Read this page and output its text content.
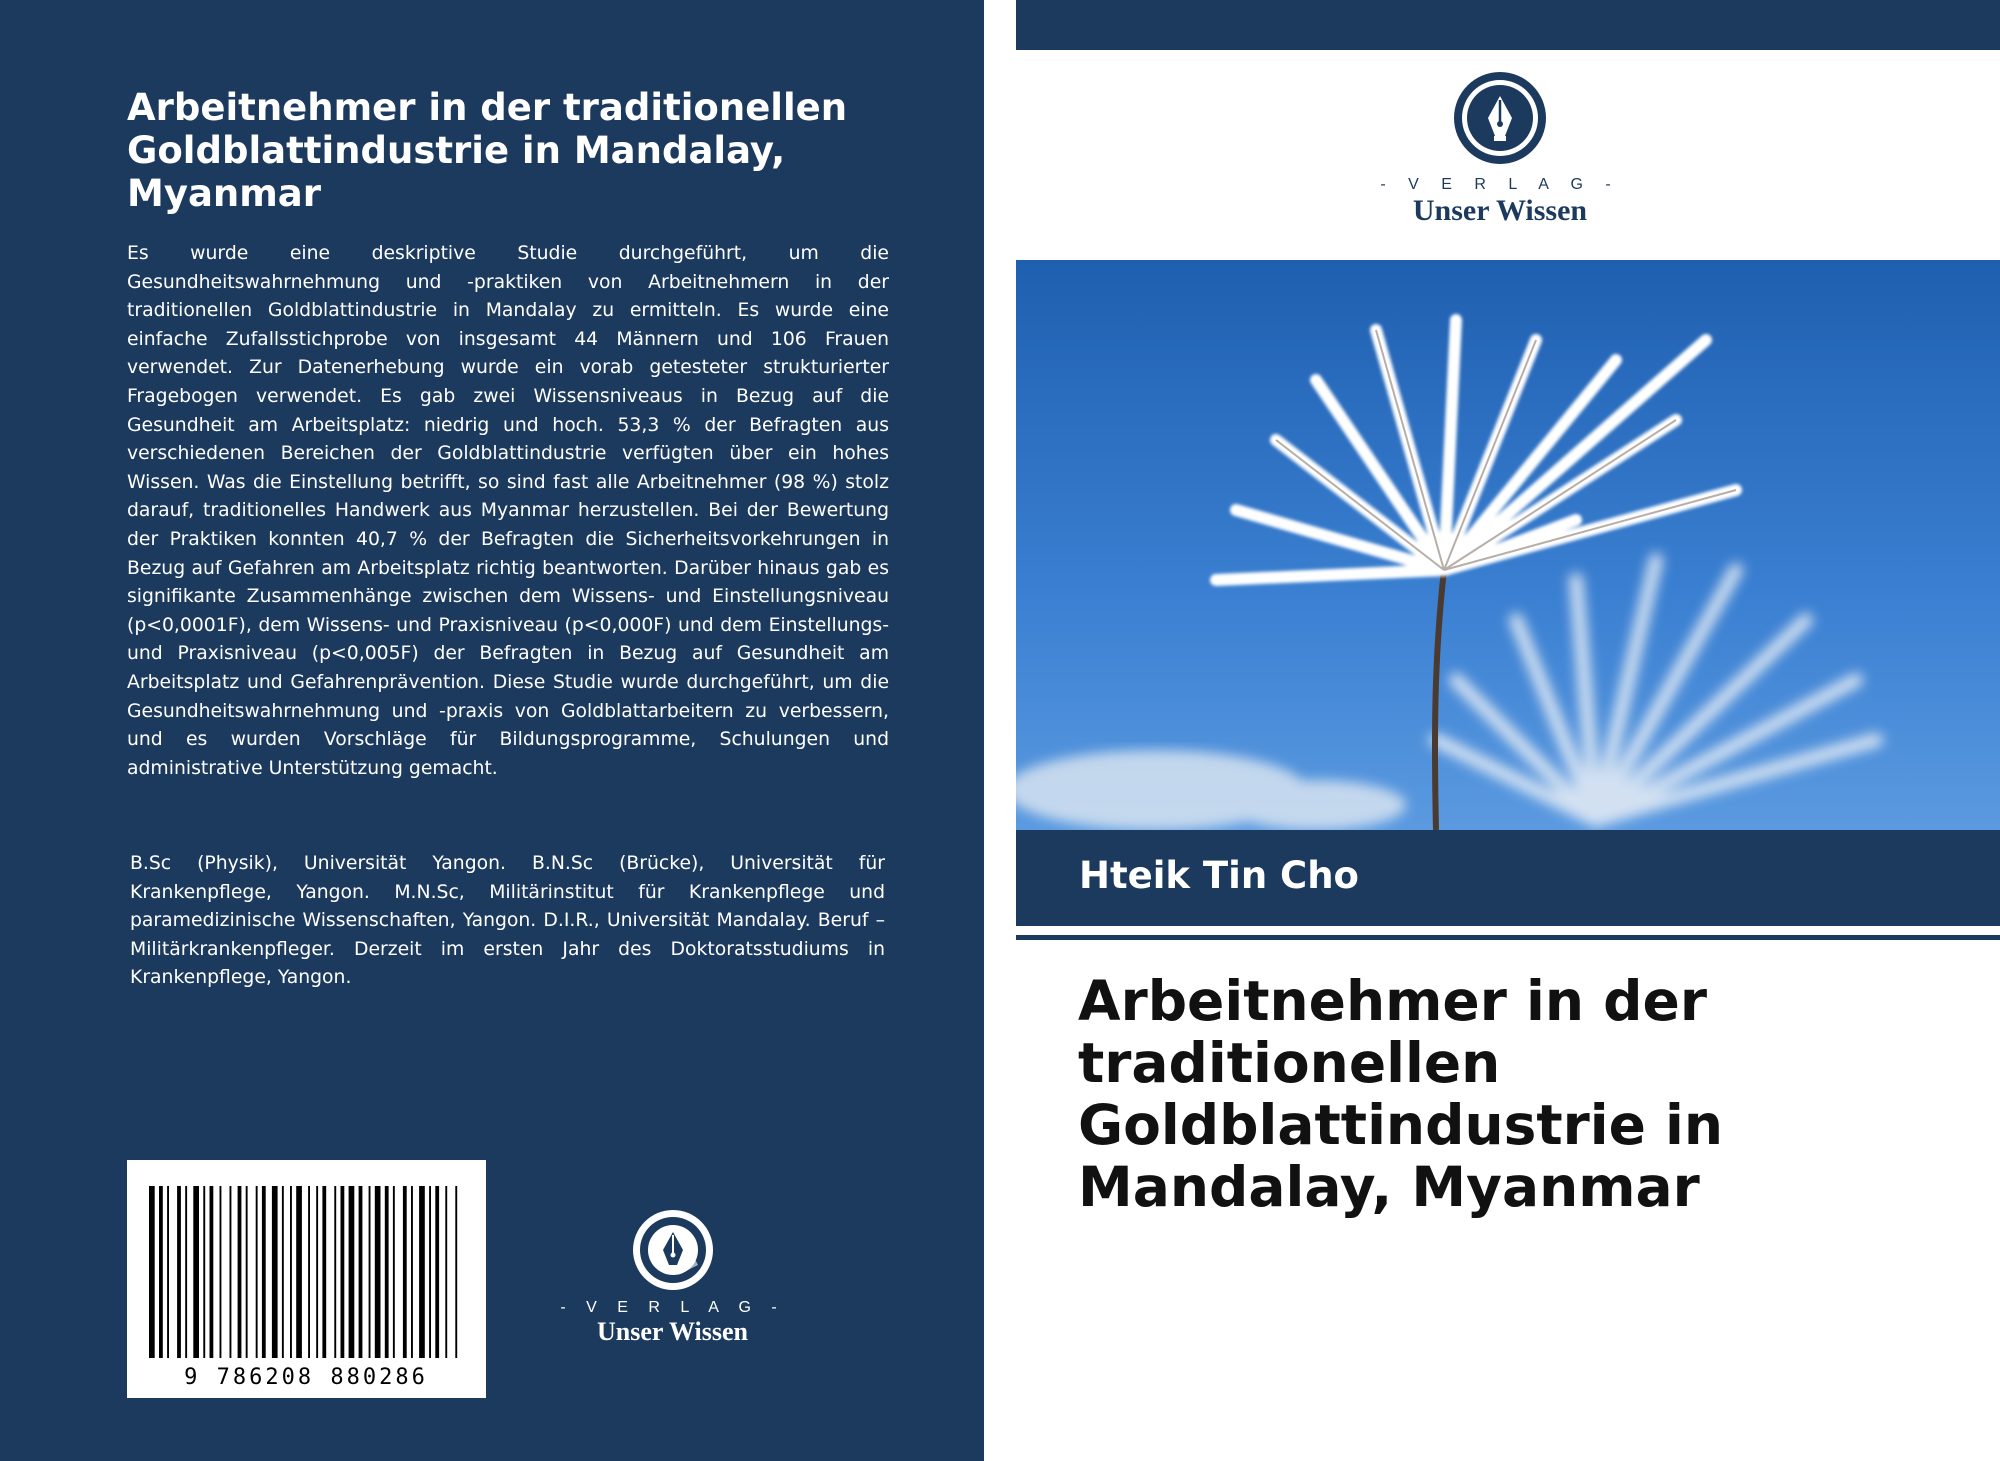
Arbeitnehmer in der traditionellen Goldblattindustrie in Mandalay, Myanmar

Es wurde eine deskriptive Studie durchgeführt, um die Gesundheitswahrnehmung und -praktiken von Arbeitnehmern in der traditionellen Goldblattindustrie in Mandalay zu ermitteln. Es wurde eine einfache Zufallsstichprobe von insgesamt 44 Männern und 106 Frauen verwendet. Zur Datenerhebung wurde ein vorab getesteter strukturierter Fragebogen verwendet. Es gab zwei Wissensniveaus in Bezug auf die Gesundheit am Arbeitsplatz: niedrig und hoch. 53,3 % der Befragten aus verschiedenen Bereichen der Goldblattindustrie verfügten über ein hohes Wissen. Was die Einstellung betrifft, so sind fast alle Arbeitnehmer (98 %) stolz darauf, traditionelles Handwerk aus Myanmar herzustellen. Bei der Bewertung der Praktiken konnten 40,7 % der Befragten die Sicherheitsvorkehrungen in Bezug auf Gefahren am Arbeitsplatz richtig beantworten. Darüber hinaus gab es signifikante Zusammenhänge zwischen dem Wissens- und Einstellungsniveau (p<0,0001F), dem Wissens- und Praxisniveau (p<0,000F) und dem Einstellungs- und Praxisniveau (p<0,005F) der Befragten in Bezug auf Gesundheit am Arbeitsplatz und Gefahrenprävention. Diese Studie wurde durchgeführt, um die Gesundheitswahrnehmung und -praxis von Goldblattarbeitern zu verbessern, und es wurden Vorschläge für Bildungsprogramme, Schulungen und administrative Unterstützung gemacht.

B.Sc (Physik), Universität Yangon. B.N.Sc (Brücke), Universität für Krankenpflege, Yangon. M.N.Sc, Militärinstitut für Krankenpflege und paramedizinische Wissenschaften, Yangon. D.I.R., Universität Mandalay. Beruf – Militärkrankenpfleger. Derzeit im ersten Jahr des Doktoratsstudiums in Krankenpflege, Yangon.

9 786208 880286
- V E R L A G -
Unser Wissen
- V E R L A G -
Unser Wissen
Hteik Tin Cho
Arbeitnehmer in der traditionellen Goldblattindustrie in Mandalay, Myanmar
